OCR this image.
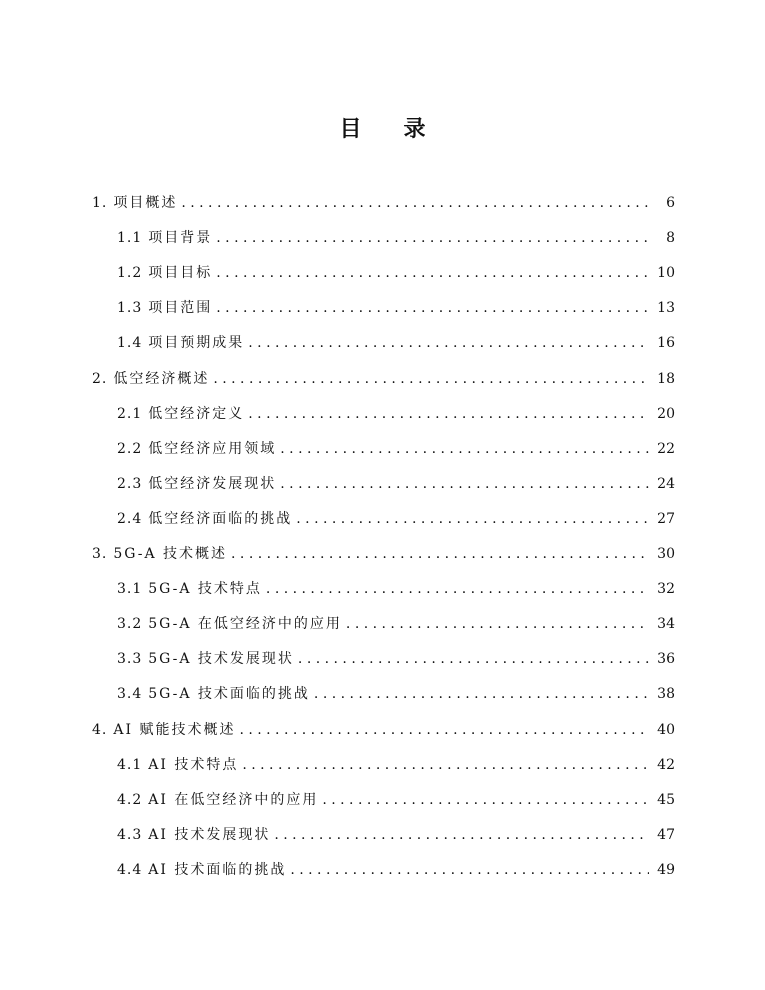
目 录
1. 项目概述 . . .	6
1.1 项目背景 . . .	8
1.2 项目目标 . . .	10
1.3 项目范围 . . .	13
1.4 项目预期成果 . . .	16
2. 低空经济概述 . . .	18
2.1 低空经济定义 . . .	20
2.2 低空经济应用领域 . . .	22
2.3 低空经济发展现状 . . .	24
2.4 低空经济面临的挑战 . . .	27
3. 5G-A 技术概述 . . .	30
3.1 5G-A 技术特点 . . .	32
3.2 5G-A 在低空经济中的应用 . . .	34
3.3 5G-A 技术发展现状 . . .	36
3.4 5G-A 技术面临的挑战 . . .	38
4. AI 赋能技术概述 . . .	40
4.1 AI 技术特点 . . .	42
4.2 AI 在低空经济中的应用 . . .	45
4.3 AI 技术发展现状 . . .	47
4.4 AI 技术面临的挑战 . . .	49
